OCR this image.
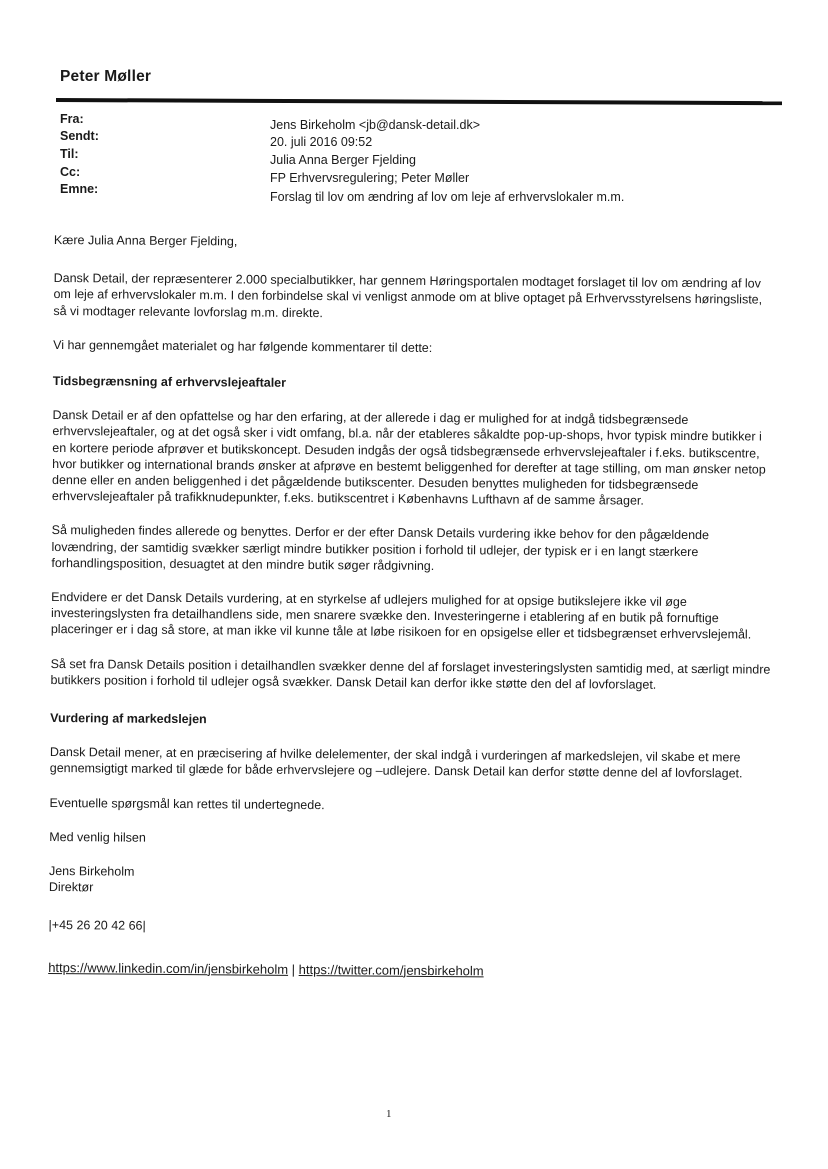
Peter Møller
Fra:
Sendt:
Til:
Cc:
Emne:
Jens Birkeholm <jb@dansk-detail.dk>
20. juli 2016 09:52
Julia Anna Berger Fjelding
FP Erhvervsregulering; Peter Møller
Forslag til lov om ændring af lov om leje af erhvervslokaler m.m.

Kære Julia Anna Berger Fjelding,

Dansk Detail, der repræsenterer 2.000 specialbutikker, har gennem Høringsportalen modtaget forslaget til lov om ændring af lov om leje af erhvervslokaler m.m. I den forbindelse skal vi venligst anmode om at blive optaget på Erhvervsstyrelsens høringsliste, så vi modtager relevante lovforslag m.m. direkte.

Vi har gennemgået materialet og har følgende kommentarer til dette:

Tidsbegrænsning af erhvervslejeaftaler

Dansk Detail er af den opfattelse og har den erfaring, at der allerede i dag er mulighed for at indgå tidsbegrænsede erhvervslejeaftaler, og at det også sker i vidt omfang, bl.a. når der etableres såkaldte pop-up-shops, hvor typisk mindre butikker i en kortere periode afprøver et butikskoncept. Desuden indgås der også tidsbegrænsede erhvervslejeaftaler i f.eks. butikscentre, hvor butikker og international brands ønsker at afprøve en bestemt beliggenhed for derefter at tage stilling, om man ønsker netop denne eller en anden beliggenhed i det pågældende butikscenter. Desuden benyttes muligheden for tidsbegrænsede erhvervslejeaftaler på trafikknudepunkter, f.eks. butikscentret i Københavns Lufthavn af de samme årsager.

Så muligheden findes allerede og benyttes. Derfor er der efter Dansk Details vurdering ikke behov for den pågældende lovændring, der samtidig svækker særligt mindre butikker position i forhold til udlejer, der typisk er i en langt stærkere forhandlingsposition, desuagtet at den mindre butik søger rådgivning.

Endvidere er det Dansk Details vurdering, at en styrkelse af udlejers mulighed for at opsige butikslejere ikke vil øge investeringslysten fra detailhandlens side, men snarere svække den. Investeringerne i etablering af en butik på fornuftige placeringer er i dag så store, at man ikke vil kunne tåle at løbe risikoen for en opsigelse eller et tidsbegrænset erhvervslejemål.

Så set fra Dansk Details position i detailhandlen svækker denne del af forslaget investeringslysten samtidig med, at særligt mindre butikkers position i forhold til udlejer også svækker. Dansk Detail kan derfor ikke støtte den del af lovforslaget.

Vurdering af markedslejen

Dansk Detail mener, at en præcisering af hvilke delelementer, der skal indgå i vurderingen af markedslejen, vil skabe et mere gennemsigtigt marked til glæde for både erhvervslejere og –udlejere. Dansk Detail kan derfor støtte denne del af lovforslaget.

Eventuelle spørgsmål kan rettes til undertegnede.

Med venlig hilsen

Jens Birkeholm
Direktør
|+45 26 20 42 66|
https://www.linkedin.com/in/jensbirkeholm | https://twitter.com/jensbirkeholm
1
